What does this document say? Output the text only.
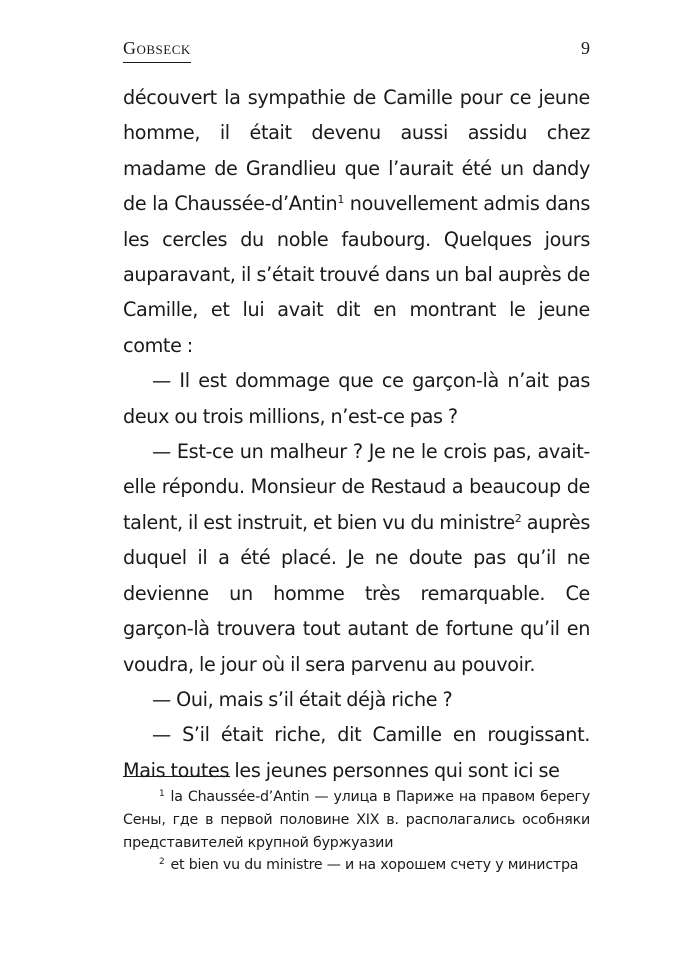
Gobseck	9

découvert la sympathie de Camille pour ce jeune homme, il était devenu aussi assidu chez madame de Grandlieu que l’aurait été un dandy de la Chaussée-d’Antin$^1$ nouvellement admis dans les cercles du noble faubourg. Quelques jours auparavant, il s’était trouvé dans un bal auprès de Camille, et lui avait dit en montrant le jeune comte :

— Il est dommage que ce garçon-là n’ait pas deux ou trois millions, n’est-ce pas ?

— Est-ce un malheur ? Je ne le crois pas, avait-elle répondu. Monsieur de Restaud a beaucoup de talent, il est instruit, et bien vu du ministre$^2$ auprès duquel il a été placé. Je ne doute pas qu’il ne devienne un homme très remarquable. Ce garçon-là trouvera tout autant de fortune qu’il en voudra, le jour où il sera parvenu au pouvoir.

— Oui, mais s’il était déjà riche ?

— S’il était riche, dit Camille en rougissant. Mais toutes les jeunes personnes qui sont ici se

$^1$ la Chaussée-d’Antin — улица в Париже на правом берегу Сены, где в первой половине XIX в. располагались особняки представителей крупной буржуазии

$^2$ et bien vu du ministre — и на хорошем счету у министра
